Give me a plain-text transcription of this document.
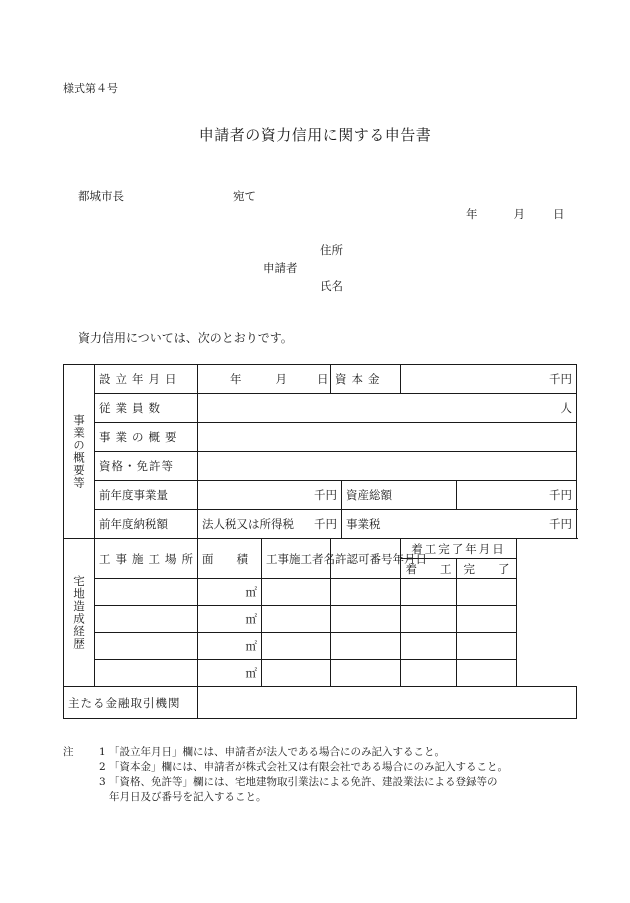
様式第４号
申請者の資力信用に関する申告書
都城市長	宛て
年	月 日
住所
申請者
氏名
資力信用については、次のとおりです。
事業の概要等	設立年月日	年 月 日		資本金		千円	
	従業員数	人					
	事業の概要						
	資格・免許等						
	前年度事業量	千円			資産総額		千円
	前年度納税額	法人税又は所得税 千円			事業税 千円		

宅地造成経歴	工事施工場所	面　　積	工事施工者名	許認可番号年月日		着工完了年月日	
						着　　工	完　　了
		㎡					
		㎡					
		㎡					
		㎡					
主たる金融取引機関							
注	1 「設立年月日」欄には、申請者が法人である場合にのみ記入すること。
2 「資本金」欄には、申請者が株式会社又は有限会社である場合にのみ記入すること。
3 「資格、免許等」欄には、宅地建物取引業法による免許、建設業法による登録等の
年月日及び番号を記入すること。
